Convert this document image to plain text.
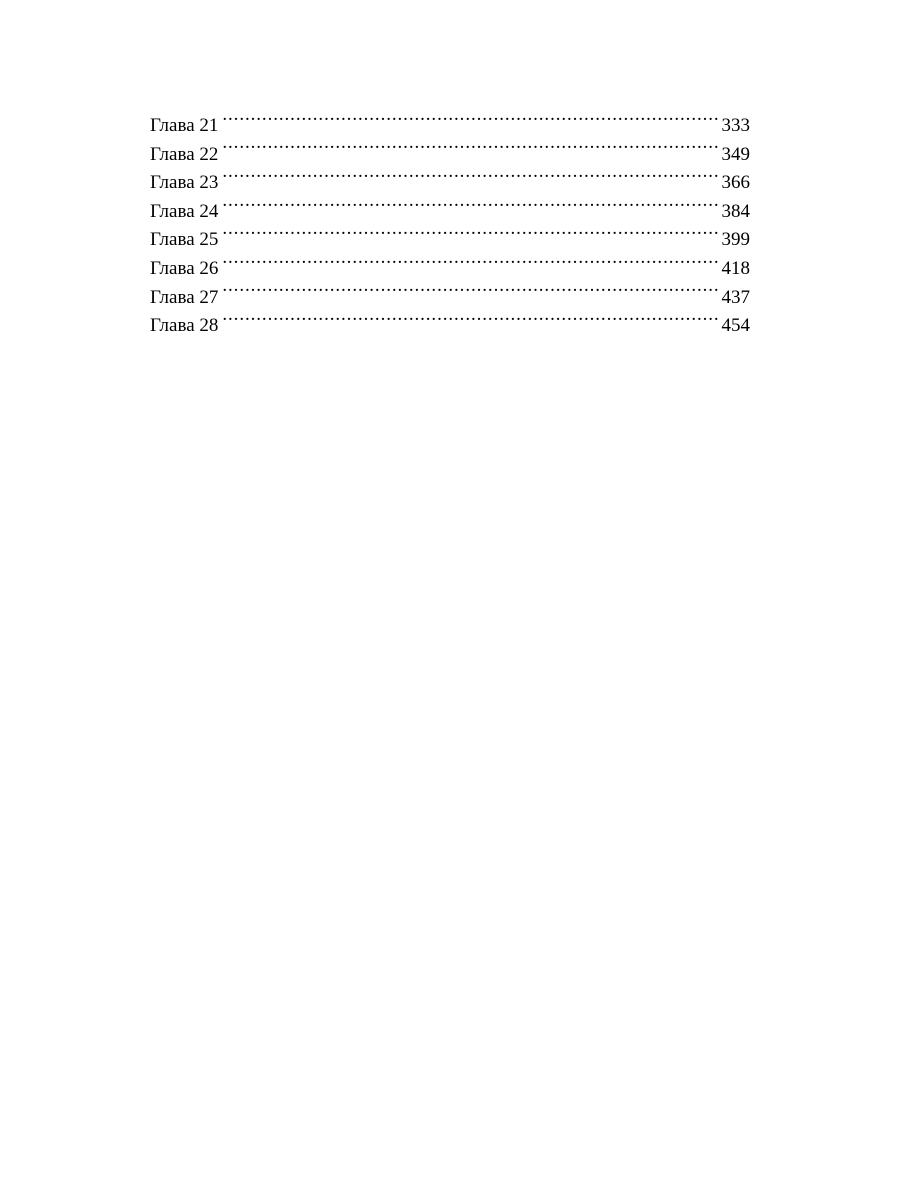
Глава 21 .....	333
Глава 22 .....	349
Глава 23 .....	366
Глава 24 .....	384
Глава 25 .....	399
Глава 26 .....	418
Глава 27 .....	437
Глава 28 .....	454
